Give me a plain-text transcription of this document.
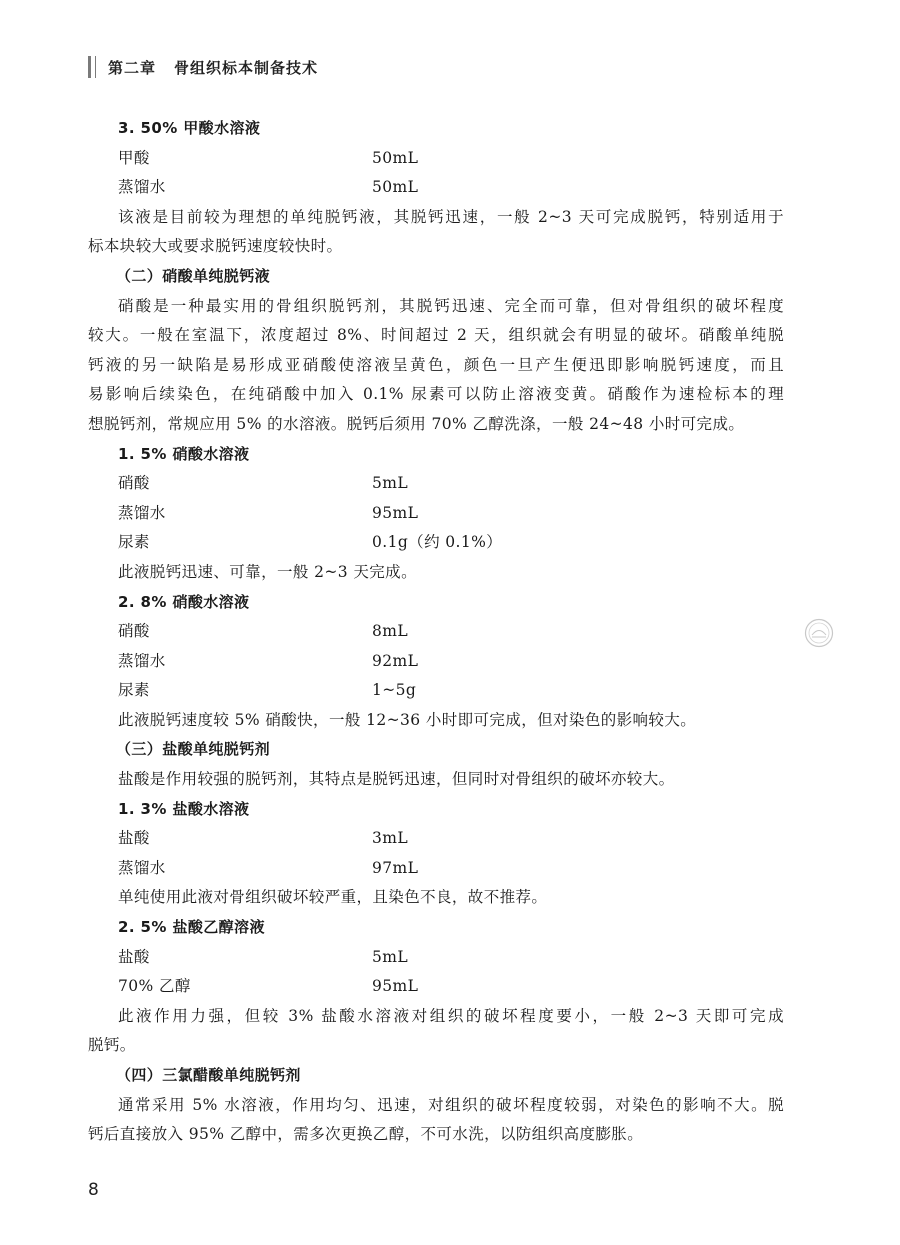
第二章 骨组织标本制备技术
3. 50% 甲酸水溶液
甲酸	50mL
蒸馏水	50mL
该液是目前较为理想的单纯脱钙液，其脱钙迅速，一般 2~3 天可完成脱钙，特别适用于
标本块较大或要求脱钙速度较快时。
（二）硝酸单纯脱钙液
硝酸是一种最实用的骨组织脱钙剂，其脱钙迅速、完全而可靠，但对骨组织的破坏程度
较大。一般在室温下，浓度超过 8%、时间超过 2 天，组织就会有明显的破坏。硝酸单纯脱
钙液的另一缺陷是易形成亚硝酸使溶液呈黄色，颜色一旦产生便迅即影响脱钙速度，而且
易影响后续染色，在纯硝酸中加入 0.1% 尿素可以防止溶液变黄。硝酸作为速检标本的理
想脱钙剂，常规应用 5% 的水溶液。脱钙后须用 70% 乙醇洗涤，一般 24~48 小时可完成。
1. 5% 硝酸水溶液
硝酸	5mL
蒸馏水	95mL
尿素	0.1g（约 0.1%）
此液脱钙迅速、可靠，一般 2~3 天完成。
2. 8% 硝酸水溶液
硝酸	8mL
蒸馏水	92mL
尿素	1~5g
此液脱钙速度较 5% 硝酸快，一般 12~36 小时即可完成，但对染色的影响较大。
（三）盐酸单纯脱钙剂
盐酸是作用较强的脱钙剂，其特点是脱钙迅速，但同时对骨组织的破坏亦较大。
1. 3% 盐酸水溶液
盐酸	3mL
蒸馏水	97mL
单纯使用此液对骨组织破坏较严重，且染色不良，故不推荐。
2. 5% 盐酸乙醇溶液
盐酸	5mL
70% 乙醇	95mL
此液作用力强，但较 3% 盐酸水溶液对组织的破坏程度要小，一般 2~3 天即可完成
脱钙。
（四）三氯醋酸单纯脱钙剂
通常采用 5% 水溶液，作用均匀、迅速，对组织的破坏程度较弱，对染色的影响不大。脱
钙后直接放入 95% 乙醇中，需多次更换乙醇，不可水洗，以防组织高度膨胀。
8
